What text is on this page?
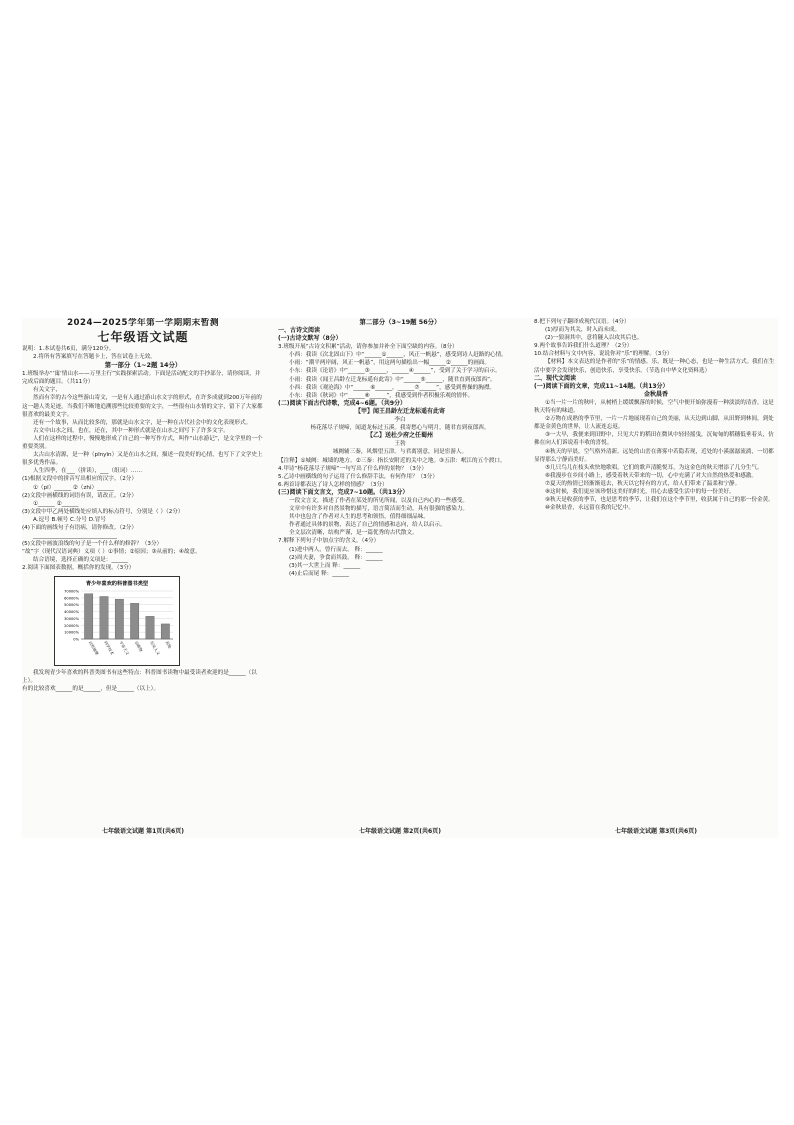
2024—2025学年第一学期期末暂测
七年级语文试题

说明：1.本试卷共6页，满分120分。

2.将所有答案填写在答题卡上，答在试卷上无效。

第一部分（1~2题 14分）

1.班级举办“‘寓’情山水——万里主行”实践探索活动。下面是活动配文的手抄部分，请你阅读，并完成后面的题目。（共11分）

有关文字，

然而有幸的古今这些游山寄文，一是有人通过游山水文字的形式，在许多成就到200万年前的这一趟人类足迹，当我们不断地追溯那些比较重要的文字，一些很有山水情的文字，留下了大家都很喜欢的最美文字。

还有一个故事，从而比较多的，那就是山水文字，是一种在古代社会中的文化表现形式。

古文中山水之间，也在，还在，其中一种形式就是在山水之间写下了许多文字。

人们在这样的过程中，慢慢地形成了自己的一种写作方式，叫作“山水游记”，是文学里的一个重要类别。

太古山水清源，是一种（pīnyīn）又是在山水之间，描述一段美好的心情，也写下了文学史上很多优秀作品。

人生四季，在___（拼读），___（组词）……

(1)根据文段中的拼音写出相应的汉字。（2分）

①（pī）______ ②（zhì）______

(2)文段中画横线的词语有误，请改正。（2分）

①______ ②______

(3)文段中甲乙两处横线处应填入的标点符号，分别是（ ）（2分）

A.逗号 B.顿号 C.分号 D.冒号

(4)下面的画线句子有语病，请你修改。（2分）

______________________________

(5)文段中画波浪线的句子是一个什么样的修辞？（3分）

“故”字（现代汉语词典）义项（ ）①事情；②原因；③从前的；④故意。

结合语境，选择正确的义项是：______

2.阅读下面图表数据，概括你的发现。（3分）

青少年喜欢的科普图书类型
0%
10000%
20000%
30000%
40000%
50000%
60000%
70000%
自然地理 科学技术 宇宙天文 动植物 历史人文 其他

我发现青少年喜欢的科普类图书有这些特点：科普图书读物中最受读者欢迎的是______（以上）。

有的比较喜欢______的是______，但是______（以上）。

七年级语文试题 第1页(共6页)
第二部分（3~19题 56分）
一、古诗文阅读
(一)古诗文默写（8分）

3.班级开展“古诗文积累”活动，请你参加并补全下面空缺的内容。（8分）

小西：我读《次北固山下》中“______①______，风正一帆悬”，感受到诗人赶路的心情。

小雨：“潮平两岸阔，风正一帆悬”，用这两句描绘出一幅______②______的画面。

小东：我读《论语》中“______③______，______④______”，受到了关于学习的启示。

小雨：我读《闻王昌龄左迁龙标遥有此寄》中“______⑤______，随君直到夜郎西”。

小西：我读《观沧海》中“______⑥______，______⑦______”，感受到曹操的胸襟。

小东：我读《秋词》中“______⑧______”，我感受到作者积极乐观的情怀。

(二)阅读下面古代诗歌，完成4~6题。（共9分）
【甲】闻王昌龄左迁龙标遥有此寄

李白

杨花落尽子规啼，闻道龙标过五溪。我寄愁心与明月，随君直到夜郎西。

【乙】送杜少府之任蜀州

王勃

城阙辅三秦，风烟望五津。与君离别意，同是宦游人。

【注释】①城阙：城墙的地方。②三秦：指长安附近的关中之地。③五津：岷江的五个渡口。

4.甲诗“杨花落尽子规啼”一句写出了什么样的景物？（3分）

5.乙诗中画横线的句子运用了什么修辞手法，有何作用？（3分）

6.两首诗都表达了诗人怎样的情感？（3分）

(三)阅读下面文言文，完成7~10题。（共13分）

一段文言文，描述了作者在某处的所见所闻，以及自己内心的一些感受。

文章中有许多对自然景物的描写，语言简洁而生动，具有很强的感染力。

其中也包含了作者对人生的思考和领悟，值得细细品味。

作者通过具体的景物，表达了自己的情感和志向，给人以启示。

全文层次清晰，结构严谨，是一篇优秀的古代散文。

7.解释下列句子中加点字的含义。（4分）

(1)进中两人，曾行而去。 释：______

(2)周夫妻，争食而其鼓。 释：______

(3)其一大世上而 释：______

(4)止后而尾 释：______

七年级语文试题 第2页(共6页)

8.把下列句子翻译成现代汉语。（4分）

(1)厚而为其关，时入而未成。

(2)一狼洞其中，意将隧入以攻其后也。

9.两个故事告诉我们什么道理？（2分）

10.结合材料与文中内容，说说你对“乐”的理解。（3分）

【材料】本文表达的是作者的“乐”的情感。乐，既是一种心态，也是一种生活方式。我们在生活中要学会发现快乐，创造快乐，享受快乐。（节选自中华文化资料选）

二、现代文阅读
(一)阅读下面的文章，完成11~14题。（共13分）
金秋晨香

①当一片一片的秋叶，从树梢上缓缓飘落的时候，空气中便开始弥漫着一种淡淡的清香，这是秋天特有的味道。

②万物在成熟的季节里，一片一片地展现着自己的美丽，从天边到山脚，从田野到林间，到处都是金黄色的世界，让人流连忘返。

③一大早，我便来到田野中，只见大片的稻田在微风中轻轻摇曳，沉甸甸的稻穗低垂着头，仿佛在向人们诉说着丰收的喜悦。

④秋天的早晨，空气格外清新。远处的山峦在薄雾中若隐若现，近处的小溪潺潺流淌，一切都显得那么宁静而美好。

⑤几只鸟儿在枝头欢快地歌唱，它们的歌声清脆悦耳，为这金色的秋天增添了几分生气。

⑥我漫步在乡间小路上，感受着秋天带来的一切，心中充满了对大自然的热爱和感激。

⑦夏天的热情已经渐渐退去，秋天以它特有的方式，给人们带来了温柔和宁静。

⑧这时候，我们更应该珍惜这美好的时光，用心去感受生活中的每一份美好。

⑨秋天是收获的季节，也是思考的季节，让我们在这个季节里，收获属于自己的那一份金黄。

⑩金秋晨香，永远留在我的记忆中。

七年级语文试题 第3页(共6页)
